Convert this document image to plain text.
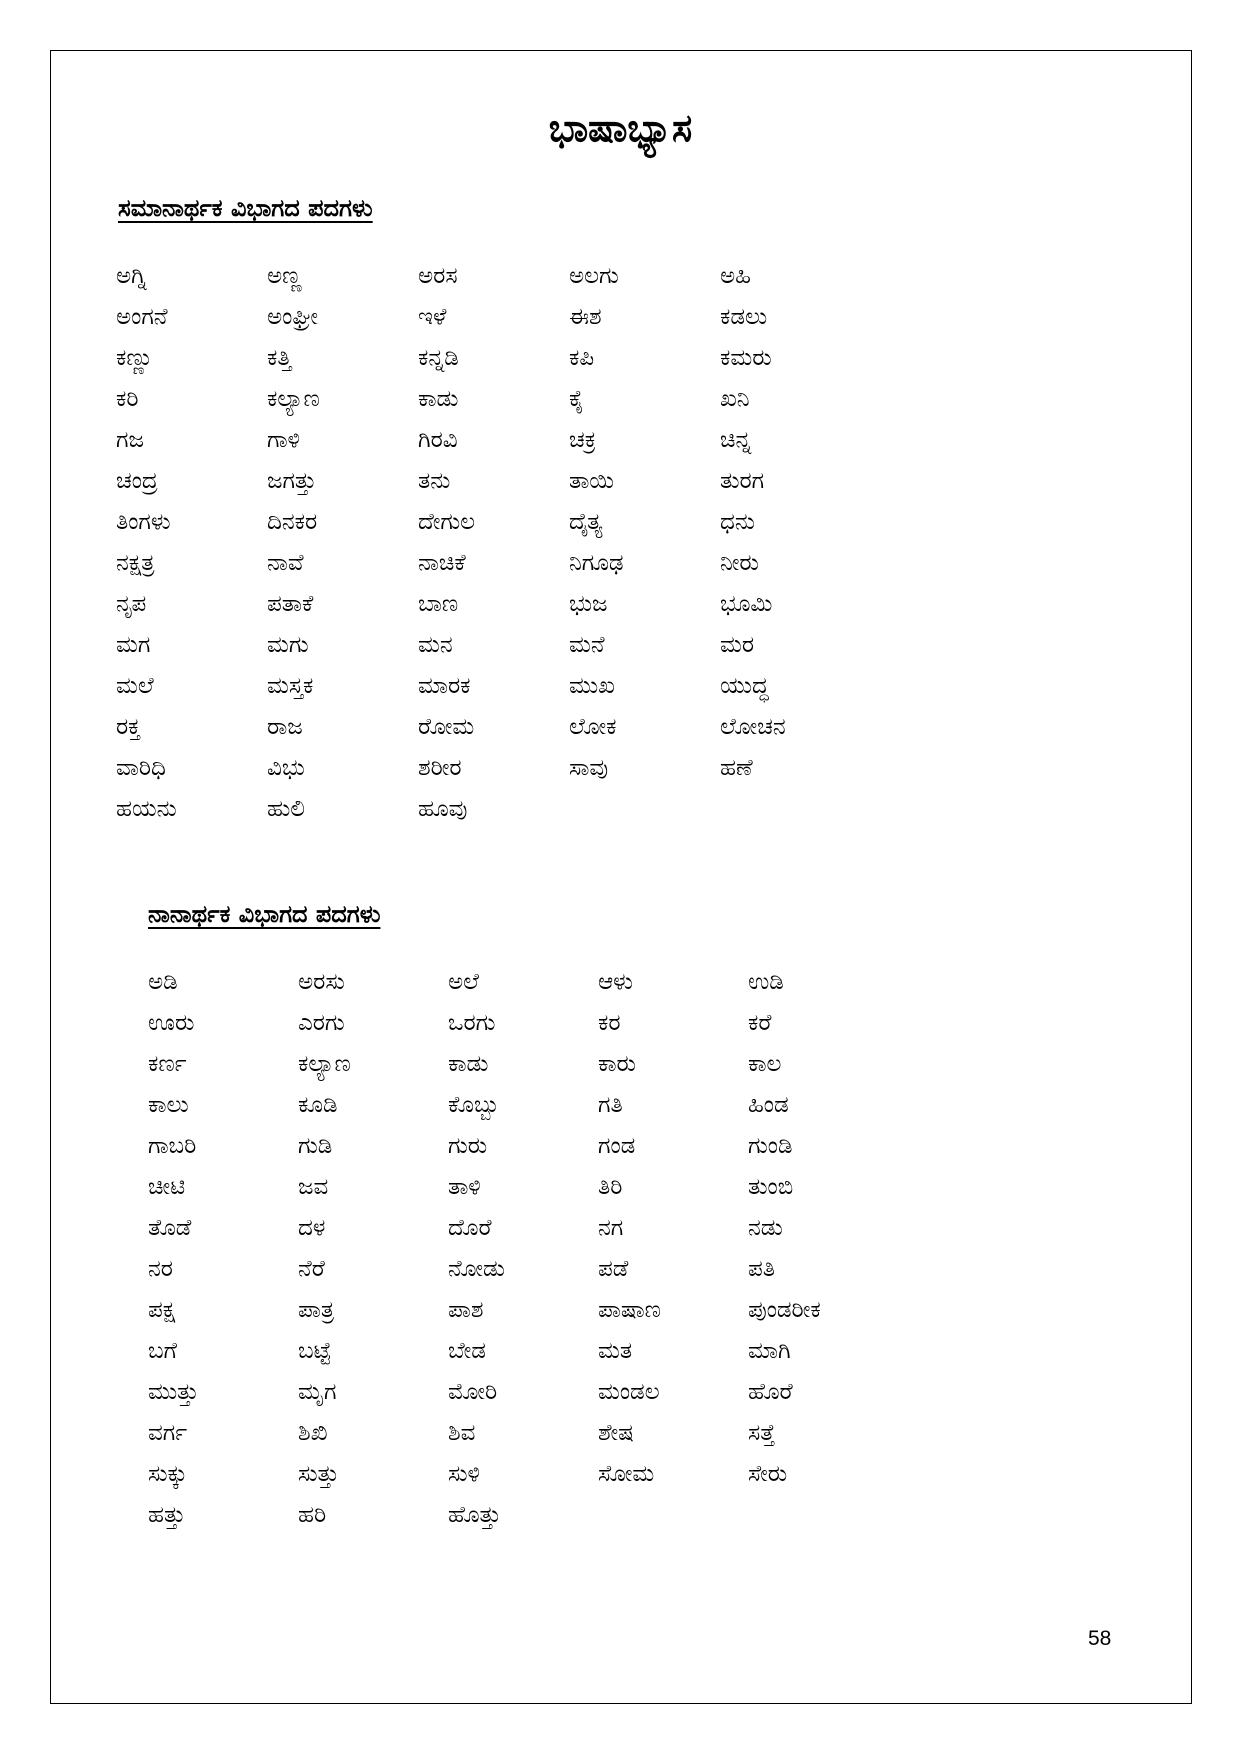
ಭಾಷಾಭ್ಯಾಸ
ಸಮಾನಾರ್ಥಕ ವಿಭಾಗದ ಪದಗಳು
ಅಗ್ನಿ	ಅಣ್ಣ	ಅರಸ	ಅಲಗು	ಅಹಿ
ಅಂಗನೆ	ಅಂಘ್ರೀ	ಇಳೆ	ಈಶ	ಕಡಲು
ಕಣ್ಣು	ಕತ್ತಿ	ಕನ್ನಡಿ	ಕಪಿ	ಕಮರು
ಕರಿ	ಕಲ್ಯಾಣ	ಕಾಡು	ಕೈ	ಖನಿ
ಗಜ	ಗಾಳಿ	ಗಿರವಿ	ಚಕ್ರ	ಚಿನ್ನ
ಚಂದ್ರ	ಜಗತ್ತು	ತನು	ತಾಯಿ	ತುರಗ
ತಿಂಗಳು	ದಿನಕರ	ದೇಗುಲ	ದೈತ್ಯ	ಧನು
ನಕ್ಷತ್ರ	ನಾವೆ	ನಾಚಿಕೆ	ನಿಗೂಢ	ನೀರು
ನೃಪ	ಪತಾಕೆ	ಬಾಣ	ಭುಜ	ಭೂಮಿ
ಮಗ	ಮಗು	ಮನ	ಮನೆ	ಮರ
ಮಲೆ	ಮಸ್ತಕ	ಮಾರಕ	ಮುಖ	ಯುದ್ಧ
ರಕ್ತ	ರಾಜ	ರೋಮ	ಲೋಕ	ಲೋಚನ
ವಾರಿಧಿ	ವಿಭು	ಶರೀರ	ಸಾವು	ಹಣೆ
ಹಯನು	ಹುಲಿ	ಹೂವು
ನಾನಾರ್ಥಕ ವಿಭಾಗದ ಪದಗಳು
ಅಡಿ	ಅರಸು	ಅಲೆ	ಆಳು	ಉಡಿ
ಊರು	ಎರಗು	ಒರಗು	ಕರ	ಕರೆ
ಕರ್ಣ	ಕಲ್ಯಾಣ	ಕಾಡು	ಕಾರು	ಕಾಲ
ಕಾಲು	ಕೂಡಿ	ಕೊಬ್ಬು	ಗತಿ	ಹಿಂಡ
ಗಾಬರಿ	ಗುಡಿ	ಗುರು	ಗಂಡ	ಗುಂಡಿ
ಚೀಟಿ	ಜವ	ತಾಳಿ	ತಿರಿ	ತುಂಬಿ
ತೊಡೆ	ದಳ	ದೊರೆ	ನಗ	ನಡು
ನರ	ನೆರೆ	ನೋಡು	ಪಡೆ	ಪತಿ
ಪಕ್ಷ	ಪಾತ್ರ	ಪಾಶ	ಪಾಷಾಣ	ಪುಂಡರೀಕ
ಬಗೆ	ಬಟ್ಟೆ	ಬೇಡ	ಮತ	ಮಾಗಿ
ಮುತ್ತು	ಮೃಗ	ಮೋರಿ	ಮಂಡಲ	ಹೊರೆ
ವರ್ಗ	ಶಿಖಿ	ಶಿವ	ಶೇಷ	ಸತ್ತೆ
ಸುಕ್ಕು	ಸುತ್ತು	ಸುಳಿ	ಸೋಮ	ಸೇರು
ಹತ್ತು	ಹರಿ	ಹೊತ್ತು
58
